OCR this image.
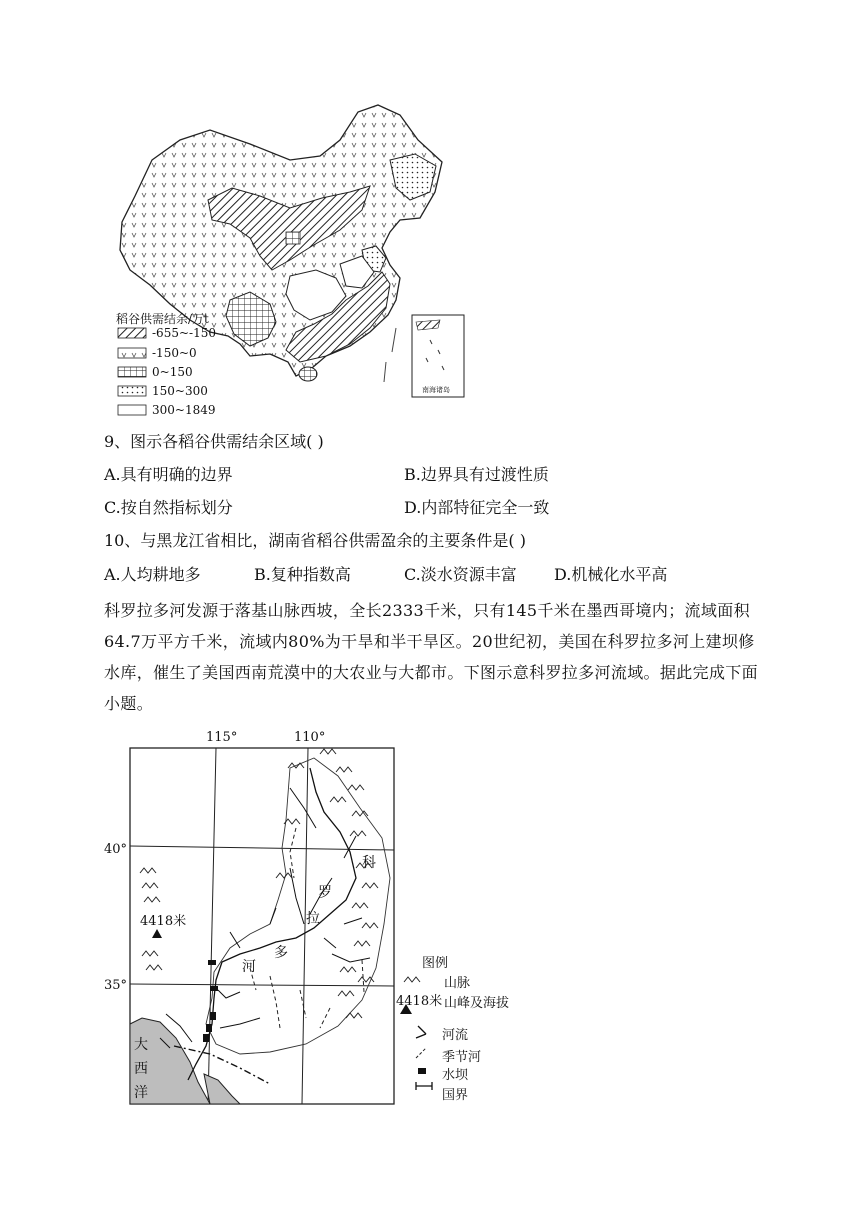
稻谷供需结余/万t
-655~-150
-150~0
0~150
150~300
300~1849
南海诸岛
9、图示各稻谷供需结余区域( )
A.具有明确的边界	B.边界具有过渡性质
C.按自然指标划分	D.内部特征完全一致
10、与黑龙江省相比，湖南省稻谷供需盈余的主要条件是( )
A.人均耕地多	B.复种指数高	C.淡水资源丰富 D.机械化水平高
科罗拉多河发源于落基山脉西坡，全长2333千米，只有145千米在墨西哥境内；流域面积64.7万平方千米，流域内80%为干旱和半干旱区。20世纪初，美国在科罗拉多河上建坝修水库，催生了美国西南荒漠中的大农业与大都市。下图示意科罗拉多河流域。据此完成下面小题。
115°	110°
40°
35°
4418米
科
罗
拉
多
河
大
西
洋
图例
山脉
4418米 山峰及海拔
河流
季节河
水坝
国界
